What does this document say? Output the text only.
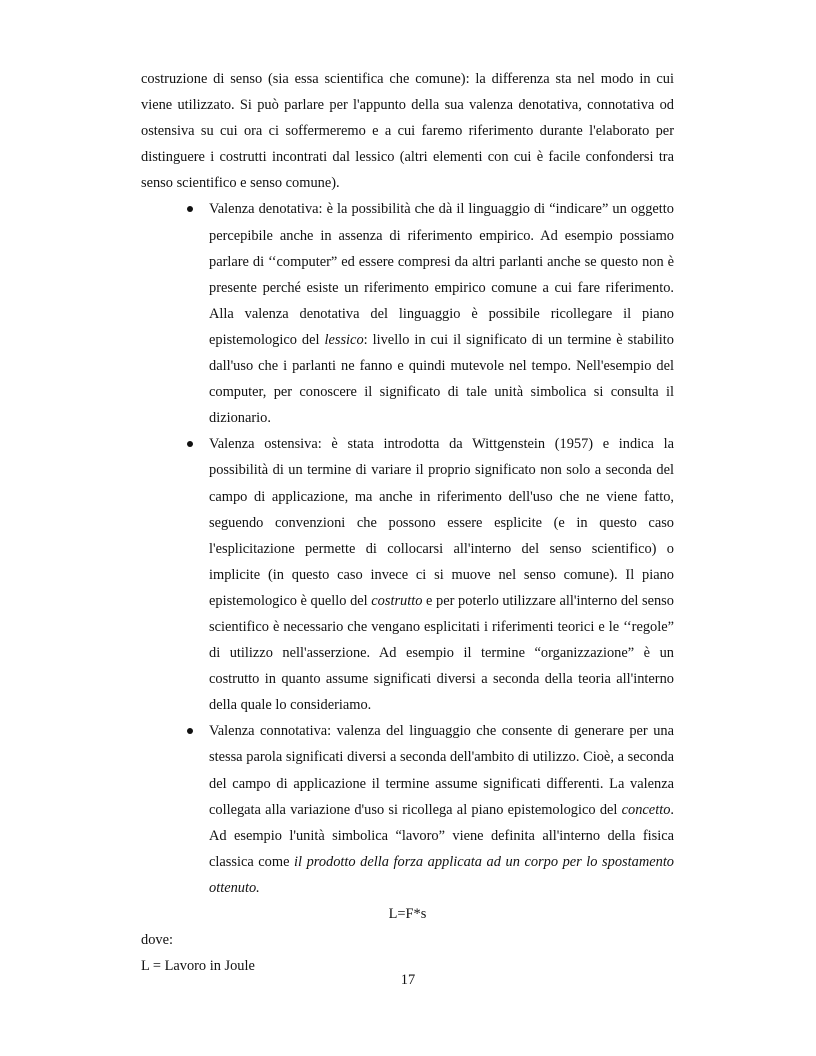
costruzione di senso (sia essa scientifica che comune): la differenza sta nel modo in cui viene utilizzato. Si può parlare per l'appunto della sua valenza denotativa, connotativa od ostensiva su cui ora ci soffermeremo e a cui faremo riferimento durante l'elaborato per distinguere i costrutti incontrati dal lessico (altri elementi con cui è facile confondersi tra senso scientifico e senso comune).

Valenza denotativa: è la possibilità che dà il linguaggio di “indicare” un oggetto percepibile anche in assenza di riferimento empirico. Ad esempio possiamo parlare di ‘‘computer” ed essere compresi da altri parlanti anche se questo non è presente perché esiste un riferimento empirico comune a cui fare riferimento. Alla valenza denotativa del linguaggio è possibile ricollegare il piano epistemologico del lessico: livello in cui il significato di un termine è stabilito dall'uso che i parlanti ne fanno e quindi mutevole nel tempo. Nell'esempio del computer, per conoscere il significato di tale unità simbolica si consulta il dizionario.
Valenza ostensiva: è stata introdotta da Wittgenstein (1957) e indica la possibilità di un termine di variare il proprio significato non solo a seconda del campo di applicazione, ma anche in riferimento dell'uso che ne viene fatto, seguendo convenzioni che possono essere esplicite (e in questo caso l'esplicitazione permette di collocarsi all'interno del senso scientifico) o implicite (in questo caso invece ci si muove nel senso comune). Il piano epistemologico è quello del costrutto e per poterlo utilizzare all'interno del senso scientifico è necessario che vengano esplicitati i riferimenti teorici e le ‘‘regole” di utilizzo nell'asserzione. Ad esempio il termine “organizzazione” è un costrutto in quanto assume significati diversi a seconda della teoria all'interno della quale lo consideriamo.
Valenza connotativa: valenza del linguaggio che consente di generare per una stessa parola significati diversi a seconda dell'ambito di utilizzo. Cioè, a seconda del campo di applicazione il termine assume significati differenti. La valenza collegata alla variazione d'uso si ricollega al piano epistemologico del concetto. Ad esempio l'unità simbolica “lavoro” viene definita all'interno della fisica classica come il prodotto della forza applicata ad un corpo per lo spostamento ottenuto.

L=F*s

dove:

L = Lavoro in Joule

17
